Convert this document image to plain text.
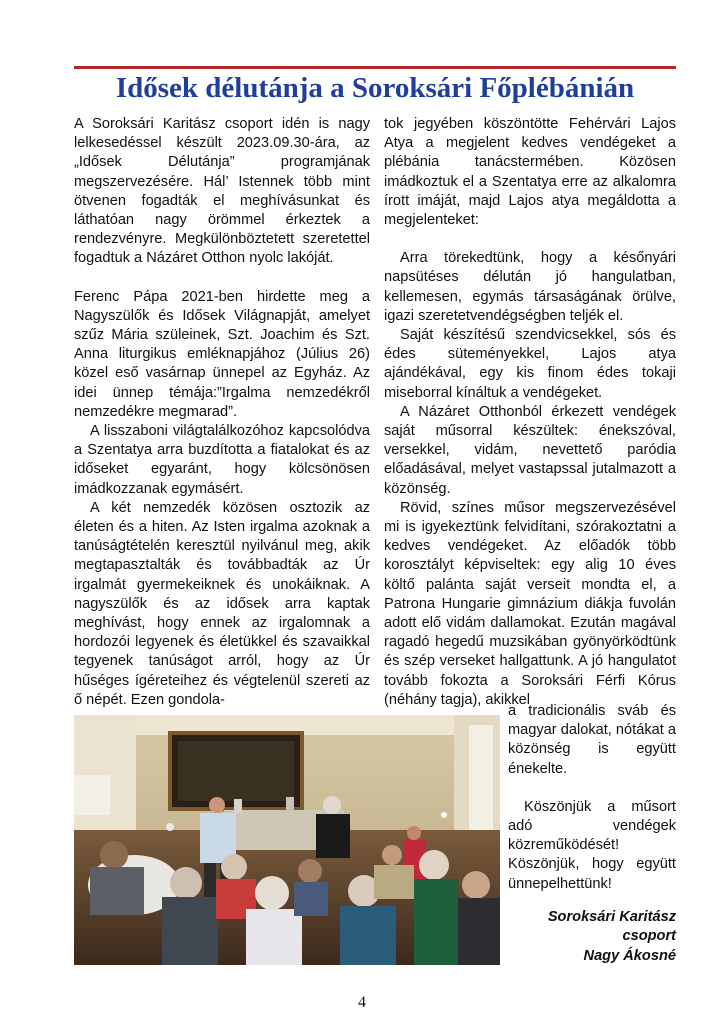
Idősek délutánja a Soroksári Főplébánián

A Soroksári Karitász csoport idén is nagy lelkesedéssel készült 2023.09.30-ára, az „Idősek Délutánja” programjának megszervezésére. Hál’ Istennek több mint ötvenen fogadták el meghívásunkat és láthatóan nagy örömmel érkeztek a rendezvényre. Megkülönböztetett szeretettel fogadtuk a Názáret Otthon nyolc lakóját.

Ferenc Pápa 2021-ben hirdette meg a Nagyszülők és Idősek Világnapját, amelyet szűz Mária szüleinek, Szt. Joachim és Szt. Anna liturgikus emléknapjához (Július 26) közel eső vasárnap ünnepel az Egyház. Az idei ünnep témája:”Irgalma nemzedékről nemzedékre megmarad”.

A lisszaboni világtalálkozóhoz kapcsolódva a Szentatya arra buzdította a fiatalokat és az időseket egyaránt, hogy kölcsönösen imádkozzanak egymásért.

A két nemzedék közösen osztozik az életen és a hiten. Az Isten irgalma azoknak a tanúságtételén keresztül nyilvánul meg, akik megtapasztalták és továbbadták az Úr irgalmát gyermekeiknek és unokáiknak. A nagyszülők és az idősek arra kaptak meghívást, hogy ennek az irgalomnak a hordozói legyenek és életükkel és szavaikkal tegyenek tanúságot arról, hogy az Úr hűséges ígéreteihez és végtelenül szereti az ő népét. Ezen gondola-

tok jegyében köszöntötte Fehérvári Lajos Atya a megjelent kedves vendégeket a plébánia tanácstermében. Közösen imádkoztuk el a Szentatya erre az alkalomra írott imáját, majd Lajos atya megáldotta a megjelenteket:

Arra törekedtünk, hogy a későnyári napsütéses délután jó hangulatban, kellemesen, egymás társaságának örülve, igazi szeretetvendégségben teljék el.

Saját készítésű szendvicsekkel, sós és édes süteményekkel, Lajos atya ajándékával, egy kis finom édes tokaji miseborral kínáltuk a vendégeket.

A Názáret Otthonból érkezett vendégek saját műsorral készültek: énekszóval, versekkel, vidám, nevettető paródia előadásával, melyet vastapssal jutalmazott a közönség.

Rövid, színes műsor megszervezésével mi is igyekeztünk felvidítani, szórakoztatni a kedves vendégeket. Az előadók több korosztályt képviseltek: egy alig 10 éves költő palánta saját verseit mondta el, a Patrona Hungarie gimnázium diákja fuvolán adott elő vidám dallamokat. Ezután magával ragadó hegedű muzsikában gyönyörködtünk és szép verseket hallgattunk. A jó hangulatot tovább fokozta a Soroksári Férfi Kórus (néhány tagja), akikkel

a tradicionális sváb és magyar dalokat, nótákat a közönség is együtt énekelte.

Köszönjük a műsort adó vendégek közreműködését!

Köszönjük, hogy együtt ünnepelhettünk!

Soroksári Karitász
csoport
Nagy Ákosné
4
